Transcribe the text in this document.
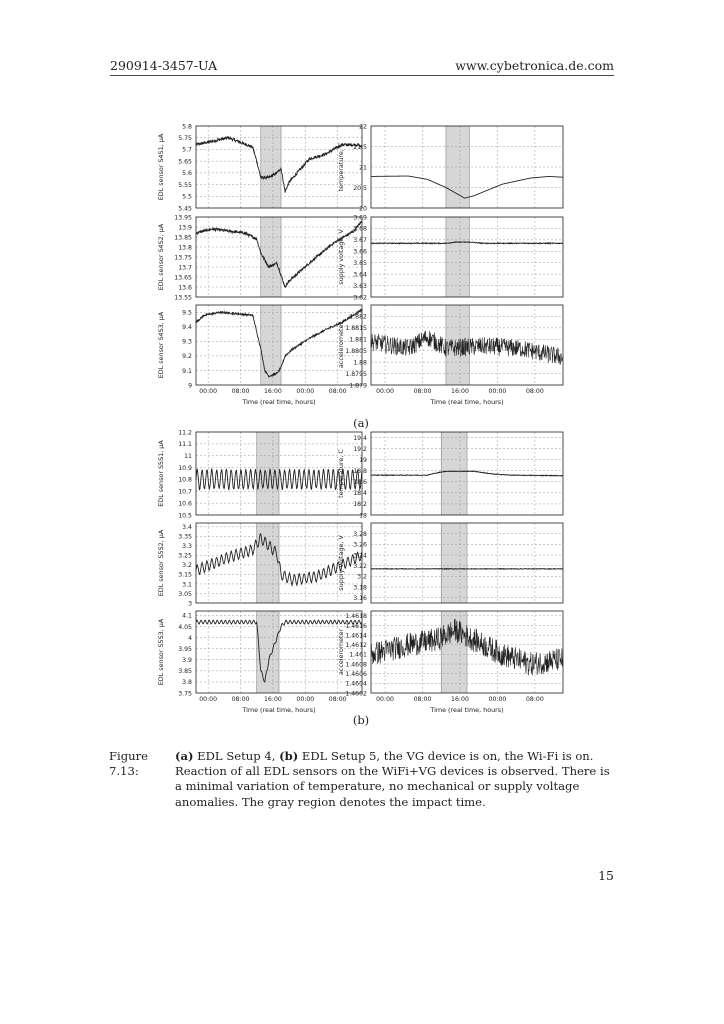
290914-3457-UA	www.cybetronica.de.com
5.8
5.75
5.7
5.65
5.6
5.55
5.5
5.45
EDL sensor S4S1, μA
13.95
13.9
13.85
13.8
13.75
13.7
13.65
13.6
13.55
EDL sensor S4S2, μA
9.5
9.4
9.3
9.2
9.1
9
00:00 08:00 16:00 00:00 08:00
EDL sensor S4S3, μA
22
21.5
21
20.5
20
temperature, C
3.69
3.68
3.67
3.66
3.65
3.64
3.63
3.62
supply voltage, V
1.882
1.8815
1.881
1.8805
1.88
1.8795
1.879
00:00	08:00	16:00	00:00	08:00
accelerometer
Time (real time, hours)	Time (real time, hours)
11.2
11.1
11
10.9
10.8
10.7
10.6
10.5
EDL sensor S5S1, μA
3.4
3.35
3.3
3.25
3.2
3.15
3.1
3.05
3
EDL sensor S5S2, μA
4.1
4.05
4
3.95
3.9
3.85
3.8
3.75
00:00 08:00 16:00 00:00 08:00
EDL sensor S5S3, μA
19.4
19.2
19
18.8
18.6
18.4
18.2
18
temperature, C
3.28
3.26
3.24
3.22
3.2
3.18
3.16
supply voltage, V
1.4618
1.4616
1.4614
1.4612
1.461
1.4608
1.4606
1.4604
1.4602
00:00	08:00	16:00	00:00	08:00
accelerometer
Time (real time, hours)	Time (real time, hours)
(a)
(b)
Figure 7.13:
(a) EDL Setup 4, (b) EDL Setup 5, the VG device is on, the Wi-Fi is on. Reaction of all EDL sensors on the WiFi+VG devices is observed. There is a minimal variation of temperature, no mechanical or supply voltage anomalies. The gray region denotes the impact time.
15
